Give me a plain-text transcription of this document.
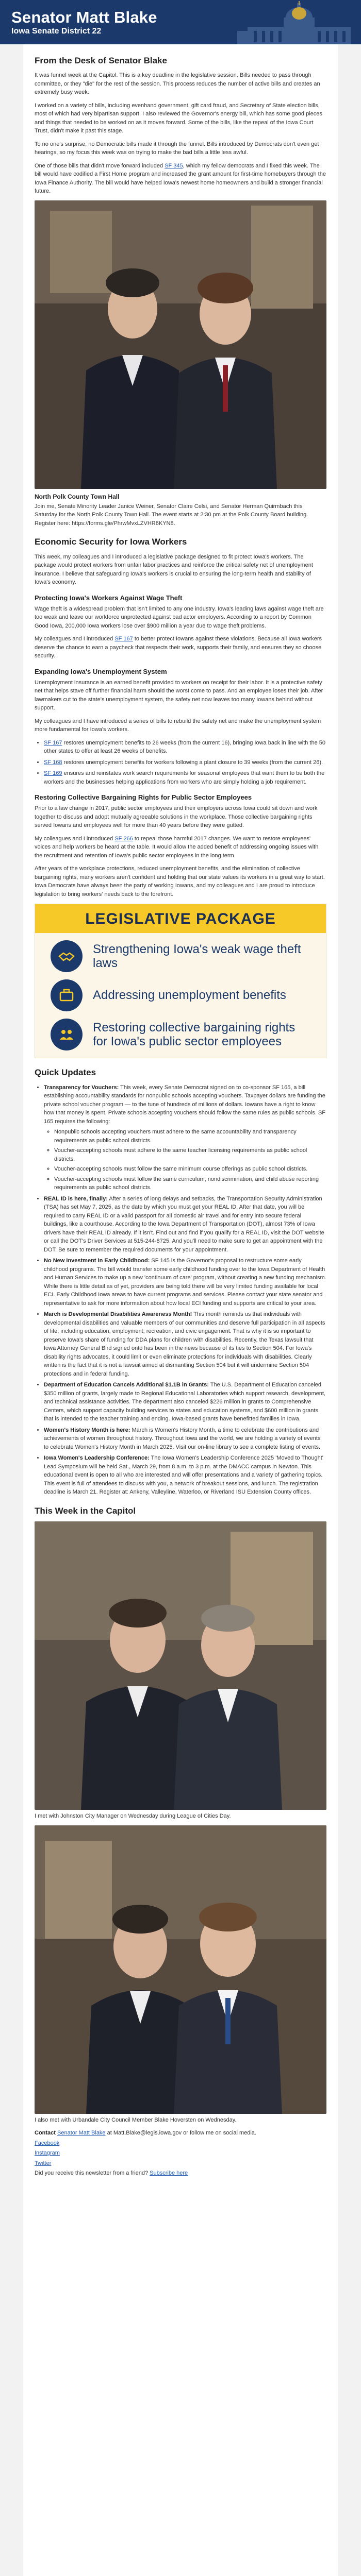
Senator Matt Blake
Iowa Senate District 22
From the Desk of Senator Blake

It was funnel week at the Capitol. This is a key deadline in the legislative session. Bills needed to pass through committee, or they "die" for the rest of the session. This process reduces the number of active bills and creates an extremely busy week.

I worked on a variety of bills, including evenhand government, gift card fraud, and Secretary of State election bills, most of which had very bipartisan support. I also reviewed the Governor's energy bill, which has some good pieces and things that needed to be worked on as it moves forward. Some of the bills, like the repeal of the Iowa Court Trust, didn't make it past this stage.

To no one's surprise, no Democratic bills made it through the funnel. Bills introduced by Democrats don't even get hearings, so my focus this week was on trying to make the bad bills a little less awful.

One of those bills that didn't move forward included SF 345, which my fellow democrats and I fixed this week. The bill would have codified a First Home program and increased the grant amount for first-time homebuyers through the Iowa Finance Authority. The bill would have helped Iowa's newest home homeowners and build a stronger financial future.

North Polk County Town Hall

Join me, Senate Minority Leader Janice Weiner, Senator Claire Celsi, and Senator Herman Quirmbach this Saturday for the North Polk County Town Hall. The event starts at 2:30 pm at the Polk County Board building. Register here: https://forms.gle/PhrwMvxLZVHR6KYN8.

Economic Security for Iowa Workers

This week, my colleagues and I introduced a legislative package designed to fit protect Iowa's workers. The package would protect workers from unfair labor practices and reinforce the critical safety net of unemployment insurance. I believe that safeguarding Iowa's workers is crucial to ensuring the long-term health and stability of Iowa's economy.

Protecting Iowa's Workers Against Wage Theft

Wage theft is a widespread problem that isn't limited to any one industry. Iowa's leading laws against wage theft are too weak and leave our workforce unprotected against bad actor employers. According to a report by Common Good Iowa, 200,000 Iowa workers lose over $900 million a year due to wage theft problems.

My colleagues and I introduced SF 167 to better protect Iowans against these violations. Because all Iowa workers deserve the chance to earn a paycheck that respects their work, supports their family, and ensures they so choose security.

Expanding Iowa's Unemployment System

Unemployment insurance is an earned benefit provided to workers on receipt for their labor. It is a protective safety net that helps stave off further financial harm should the worst come to pass. And an employee loses their job. After lawmakers cut to the state's unemployment system, the safety net now leaves too many Iowans behind without support.

My colleagues and I have introduced a series of bills to rebuild the safety net and make the unemployment system more fundamental for Iowa's workers.

• SF 167 restores unemployment benefits to 26 weeks (from the current 16), bringing Iowa back in line with the 50 other states to offer at least 26 weeks of benefits.
• SF 168 restores unemployment benefits for workers following a plant closure to 39 weeks (from the current 26).
• SF 169 ensures and reinstates work search requirements for seasonal employees that want them to be both the workers and the businesses helping applications from workers who are simply holding a job requirement.
Restoring Collective Bargaining Rights for Public Sector Employees

Prior to a law change in 2017, public sector employees and their employers across Iowa could sit down and work together to discuss and adopt mutually agreeable solutions in the workplace. Those collective bargaining rights served Iowans and employees well for more than 40 years before they were gutted.

My colleagues and I introduced SF 266 to repeal those harmful 2017 changes. We want to restore employees' voices and help workers be heard at the table. It would allow the added benefit of addressing ongoing issues with the recruitment and retention of Iowa's public sector employees in the long term.

After years of the workplace protections, reduced unemployment benefits, and the elimination of collective bargaining rights, many workers aren't confident and holding that our state values its workers in a great way to start. Iowa Democrats have always been the party of working Iowans, and my colleagues and I are proud to introduce legislation to bring workers' needs back to the forefront.

LEGISLATIVE PACKAGE
Strengthening Iowa's weak wage theft laws
Addressing unemployment benefits
Restoring collective bargaining rights for Iowa's public sector employees
Quick Updates
• Transparency for Vouchers: This week, every Senate Democrat signed on to co-sponsor SF 165, a bill establishing accountability standards for nonpublic schools accepting vouchers. Taxpayer dollars are funding the private school voucher program — to the tune of hundreds of millions of dollars. Iowans have a right to know how that money is spent. Private schools accepting vouchers should follow the same rules as public schools. SF 165 requires the following:
◦ Nonpublic schools accepting vouchers must adhere to the same accountability and transparency requirements as public school districts.
◦ Voucher-accepting schools must adhere to the same teacher licensing requirements as public school districts.
◦ Voucher-accepting schools must follow the same minimum course offerings as public school districts.
◦ Voucher-accepting schools must follow the same curriculum, nondiscrimination, and child abuse reporting requirements as public school districts.
• REAL ID is here, finally: After a series of long delays and setbacks, the Transportation Security Administration (TSA) has set May 7, 2025, as the date by which you must get your REAL ID. After that date, you will be required to carry REAL ID or a valid passport for all domestic air travel and for entry into secure federal buildings, like a courthouse. According to the Iowa Department of Transportation (DOT), almost 73% of Iowa drivers have their REAL ID already. If it isn't. Find out and find if you qualify for a REAL ID, visit the DOT website or call the DOT's Driver Services at 515-244-8725. And you'll need to make sure to get an appointment with the DOT. Be sure to remember the required documents for your appointment.
• No New Investment in Early Childhood: SF 145 is the Governor's proposal to restructure some early childhood programs. The bill would transfer some early childhood funding over to the Iowa Department of Health and Human Services to make up a new 'continuum of care' program, without creating a new funding mechanism. While there is little detail as of yet, providers are being told there will be very limited funding available for local ECI. Early Childhood Iowa areas to have current programs and services. Please contact your state senator and representative to ask for more information about how local ECI funding and supports are critical to your area.
• March is Developmental Disabilities Awareness Month! This month reminds us that individuals with developmental disabilities and valuable members of our communities and deserve full participation in all aspects of life, including education, employment, recreation, and civic engagement. That is why it is so important to preserve Iowa's share of funding for DDA plans for children with disabilities. Recently, the Texas lawsuit that Iowa Attorney General Bird signed onto has been in the news because of its ties to Section 504. For Iowa's disability rights advocates, it could limit or even eliminate protections for individuals with disabilities. Clearly written is the fact that it is not a lawsuit aimed at dismantling Section 504 but it will undermine Section 504 protections and in federal funding.
• Department of Education Cancels Additional $1.1B in Grants: The U.S. Department of Education canceled $350 million of grants, largely made to Regional Educational Laboratories which support research, development, and technical assistance activities. The department also canceled $226 million in grants to Comprehensive Centers, which support capacity building services to states and education systems, and $600 million in grants that is intended to the teacher training and ending. Iowa-based grants have benefitted families in Iowa.
• Women's History Month is here: March is Women's History Month, a time to celebrate the contributions and achievements of women throughout history. Throughout Iowa and the world, we are holding a variety of events to celebrate Women's History Month in March 2025. Visit our on-line library to see a complete listing of events.
• Iowa Women's Leadership Conference: The Iowa Women's Leadership Conference 2025 'Moved to Thought' Lead Symposium will be held Sat., March 29, from 8 a.m. to 3 p.m. at the DMACC campus in Newton. This educational event is open to all who are interested and will offer presentations and a variety of gathering topics. This event is full of attendees to discuss with you, a network of breakout sessions, and lunch. The registration deadline is March 21. Register at: Ankeny, Valleyline, Waterloo, or Riverland ISU Extension County offices.
This Week in the Capitol

I met with Johnston City Manager on Wednesday during League of Cities Day.

I also met with Urbandale City Council Member Blake Hoversten on Wednesday.

Contact Senator Matt Blake at Matt.Blake@legis.iowa.gov or follow me on social media.

Facebook

Instagram

Twitter

Did you receive this newsletter from a friend? Subscribe here
